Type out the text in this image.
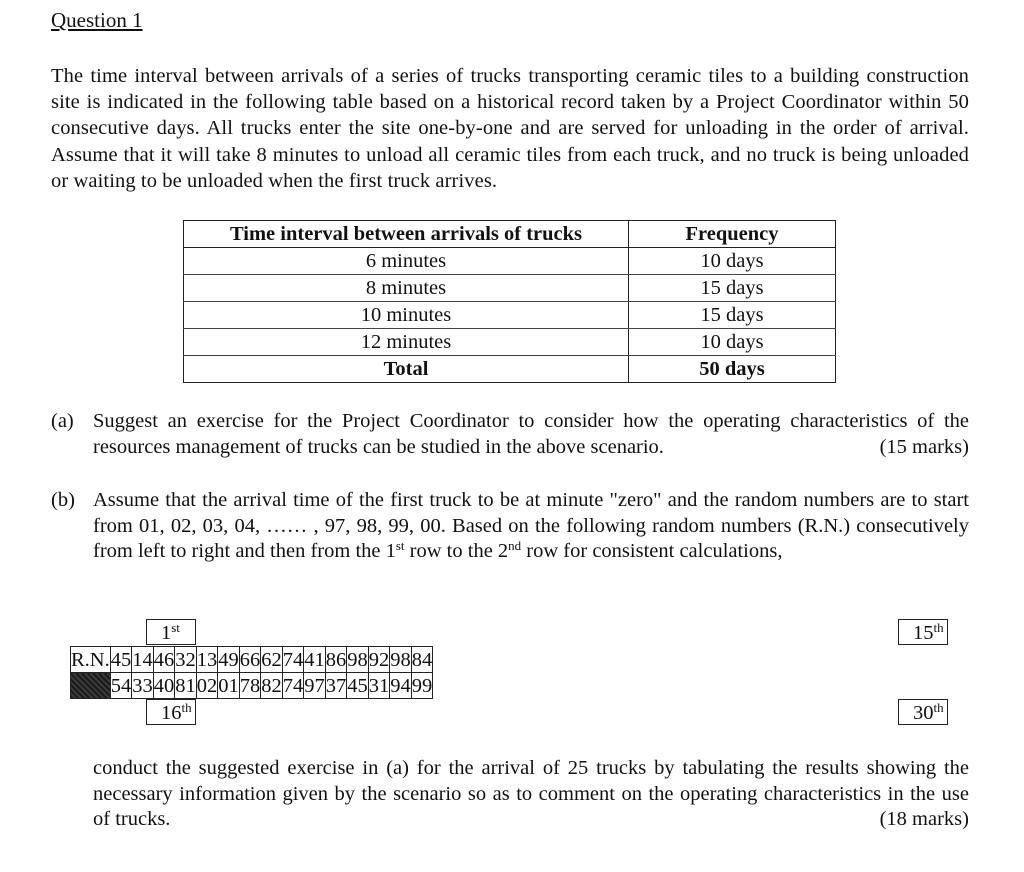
Question 1
The time interval between arrivals of a series of trucks transporting ceramic tiles to a building construction site is indicated in the following table based on a historical record taken by a Project Coordinator within 50 consecutive days. All trucks enter the site one-by-one and are served for unloading in the order of arrival. Assume that it will take 8 minutes to unload all ceramic tiles from each truck, and no truck is being unloaded or waiting to be unloaded when the first truck arrives.
Time interval between arrivals of trucks	Frequency
6 minutes	10 days
8 minutes	15 days
10 minutes	15 days
12 minutes	10 days
Total	50 days
(a) Suggest an exercise for the Project Coordinator to consider how the operating characteristics of the resources management of trucks can be studied in the above scenario.	(15 marks)
(b) Assume that the arrival time of the first truck to be at minute "zero" and the random numbers are to start from 01, 02, 03, 04, …… , 97, 98, 99, 00. Based on the following random numbers (R.N.) consecutively from left to right and then from the 1st row to the 2nd row for consistent calculations,
1st	15th
R.N.	45	14	46	32	13	49	66	62	74	41	86	98	92	98	84
	54	33	40	81	02	01	78	82	74	97	37	45	31	94	99
16th	30th
conduct the suggested exercise in (a) for the arrival of 25 trucks by tabulating the results showing the necessary information given by the scenario so as to comment on the operating characteristics in the use of trucks.	(18 marks)
